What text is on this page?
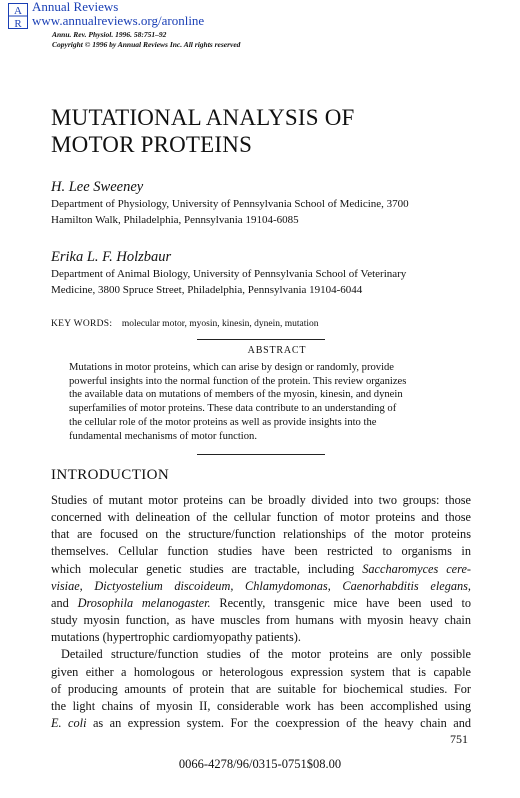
A
R
Annual Reviews
www.annualreviews.org/aronline
Annu. Rev. Physiol. 1996. 58:751–92
Copyright © 1996 by Annual Reviews Inc. All rights reserved
MUTATIONAL ANALYSIS OF
MOTOR PROTEINS
H. Lee Sweeney
Department of Physiology, University of Pennsylvania School of Medicine, 3700
Hamilton Walk, Philadelphia, Pennsylvania 19104-6085
Erika L. F. Holzbaur
Department of Animal Biology, University of Pennsylvania School of Veterinary
Medicine, 3800 Spruce Street, Philadelphia, Pennsylvania 19104-6044
KEY WORDS: molecular motor, myosin, kinesin, dynein, mutation
ABSTRACT
Mutations in motor proteins, which can arise by design or randomly, provide
powerful insights into the normal function of the protein. This review organizes
the available data on mutations of members of the myosin, kinesin, and dynein
superfamilies of motor proteins. These data contribute to an understanding of
the cellular role of the motor proteins as well as provide insights into the
fundamental mechanisms of motor function.
INTRODUCTION
Studies of mutant motor proteins can be broadly divided into two groups: those
concerned with delineation of the cellular function of motor proteins and those
that are focused on the structure/function relationships of the motor proteins
themselves. Cellular function studies have been restricted to organisms in
which molecular genetic studies are tractable, including Saccharomyces cere-
visiae, Dictyostelium discoideum, Chlamydomonas, Caenorhabditis elegans,
and Drosophila melanogaster. Recently, transgenic mice have been used to
study myosin function, as have muscles from humans with myosin heavy chain
mutations (hypertrophic cardiomyopathy patients).
Detailed structure/function studies of the motor proteins are only possible
given either a homologous or heterologous expression system that is capable
of producing amounts of protein that are suitable for biochemical studies. For
the light chains of myosin II, considerable work has been accomplished using
E. coli as an expression system. For the coexpression of the heavy chain and
751
0066-4278/96/0315-0751$08.00
